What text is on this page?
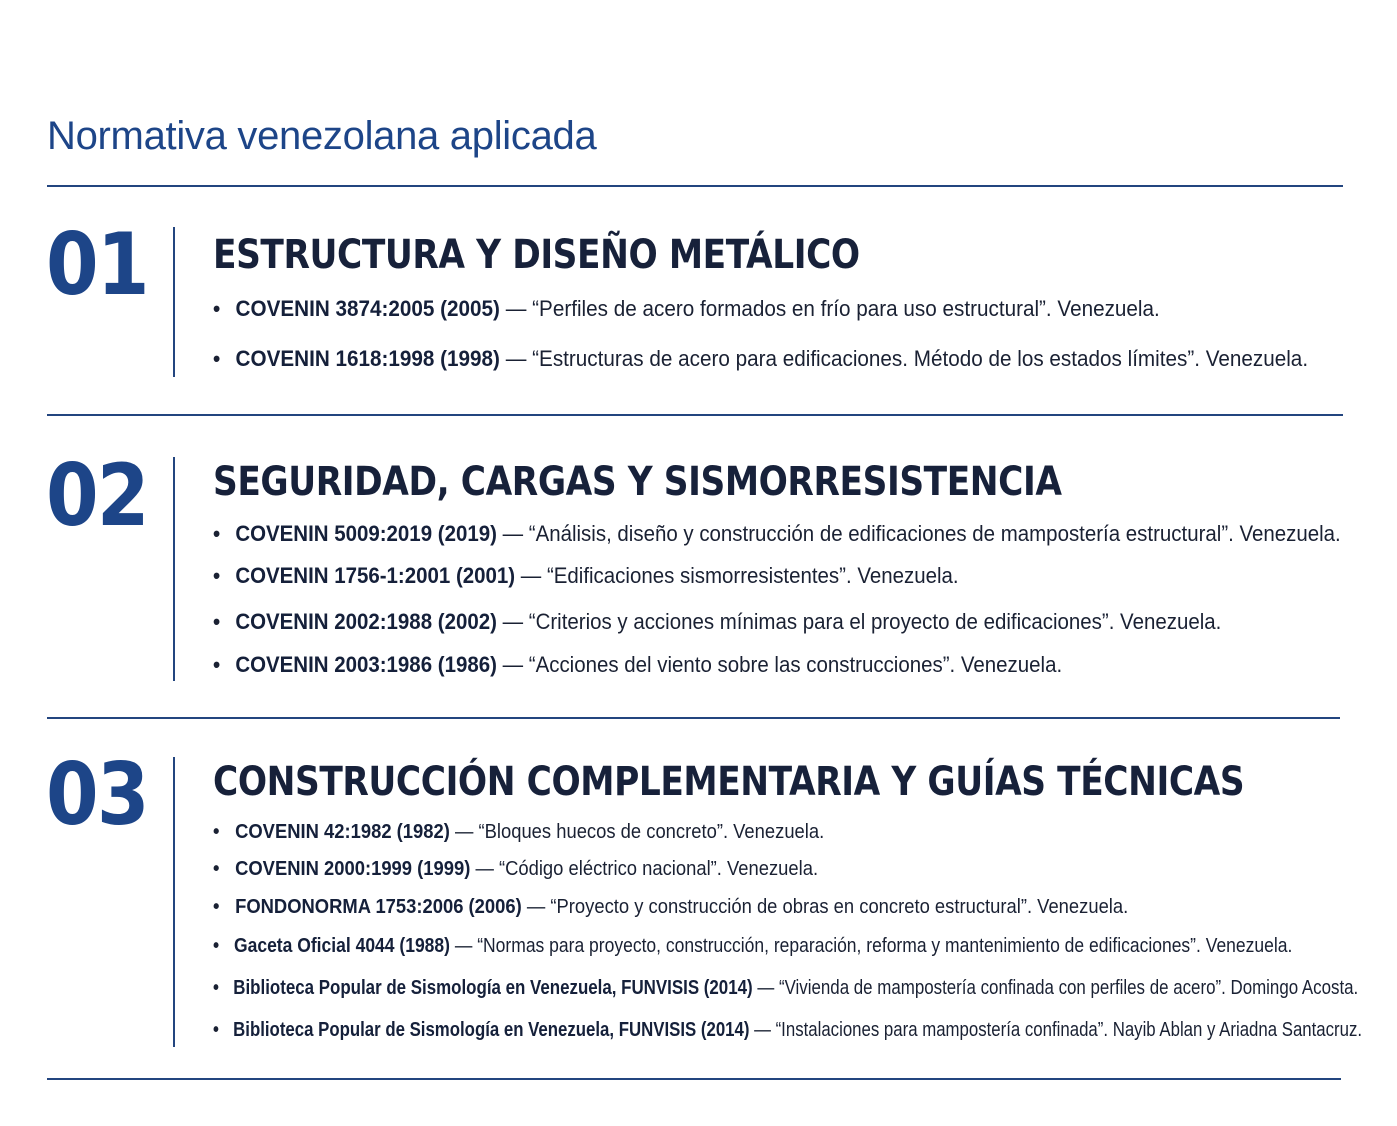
Normativa venezolana aplicada
01 ESTRUCTURA Y DISEÑO METÁLICO
• COVENIN 3874:2005 (2005) — “Perfiles de acero formados en frío para uso estructural”. Venezuela.
• COVENIN 1618:1998 (1998) — “Estructuras de acero para edificaciones. Método de los estados límites”. Venezuela.
02 SEGURIDAD, CARGAS Y SISMORRESISTENCIA
• COVENIN 5009:2019 (2019) — “Análisis, diseño y construcción de edificaciones de mampostería estructural”. Venezuela.
• COVENIN 1756-1:2001 (2001) — “Edificaciones sismorresistentes”. Venezuela.
• COVENIN 2002:1988 (2002) — “Criterios y acciones mínimas para el proyecto de edificaciones”. Venezuela.
• COVENIN 2003:1986 (1986) — “Acciones del viento sobre las construcciones”. Venezuela.
03 CONSTRUCCIÓN COMPLEMENTARIA Y GUÍAS TÉCNICAS
• COVENIN 42:1982 (1982) — “Bloques huecos de concreto”. Venezuela.
• COVENIN 2000:1999 (1999) — “Código eléctrico nacional”. Venezuela.
• FONDONORMA 1753:2006 (2006) — “Proyecto y construcción de obras en concreto estructural”. Venezuela.
• Gaceta Oficial 4044 (1988) — “Normas para proyecto, construcción, reparación, reforma y mantenimiento de edificaciones”. Venezuela.
• Biblioteca Popular de Sismología en Venezuela, FUNVISIS (2014) — “Vivienda de mampostería confinada con perfiles de acero”. Domingo Acosta.
• Biblioteca Popular de Sismología en Venezuela, FUNVISIS (2014) — “Instalaciones para mampostería confinada”. Nayib Ablan y Ariadna Santacruz.
